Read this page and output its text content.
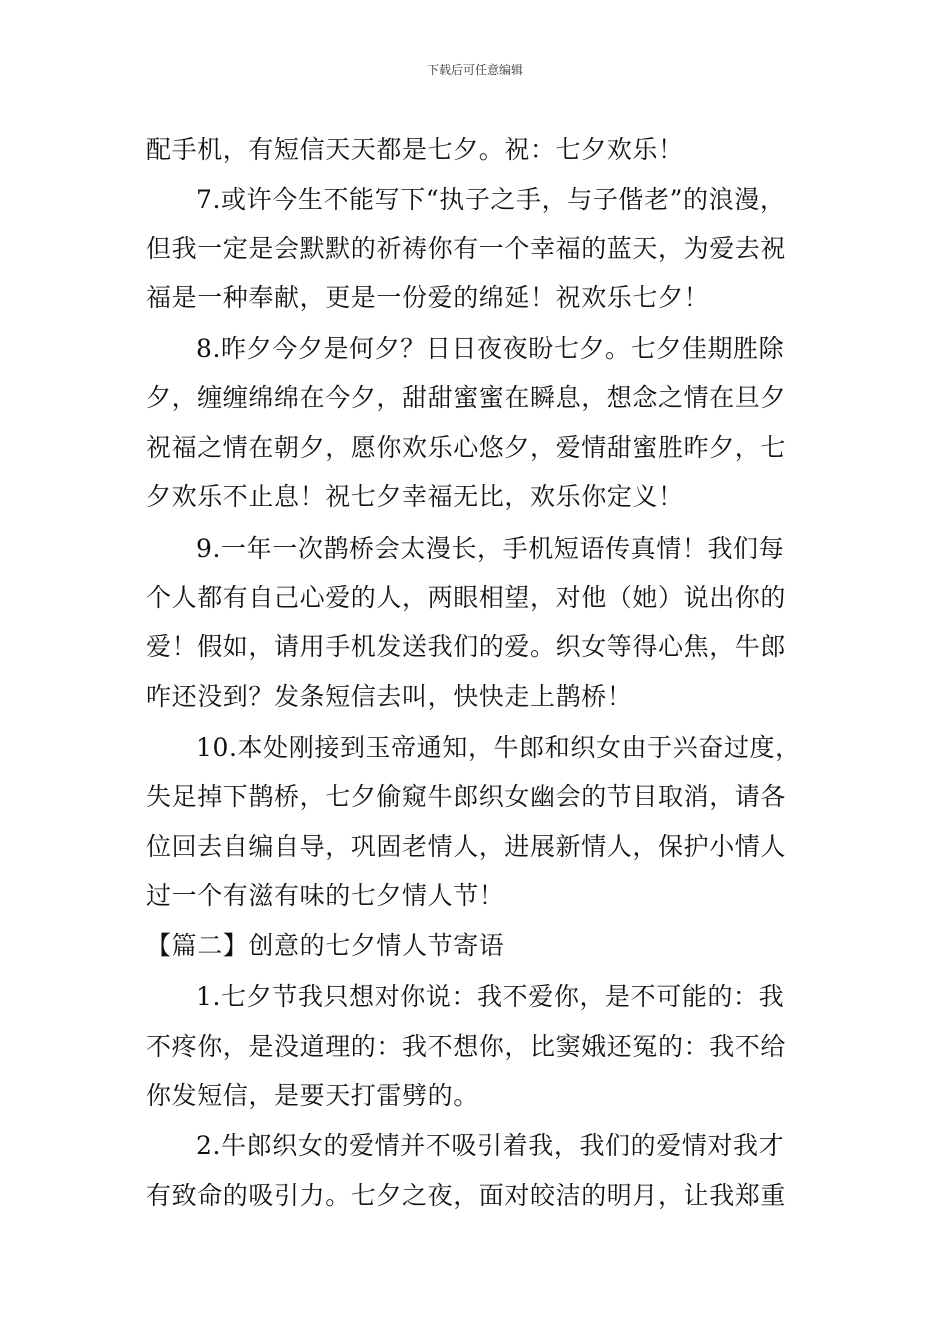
下载后可任意编辑
配手机，有短信天天都是七夕。祝：七夕欢乐！
7.或许今生不能写下“执子之手，与子偕老”的浪漫，
但我一定是会默默的祈祷你有一个幸福的蓝天，为爱去祝
福是一种奉献，更是一份爱的绵延！祝欢乐七夕！
8.昨夕今夕是何夕？日日夜夜盼七夕。七夕佳期胜除
夕，缠缠绵绵在今夕，甜甜蜜蜜在瞬息，想念之情在旦夕
祝福之情在朝夕，愿你欢乐心悠夕，爱情甜蜜胜昨夕，七
夕欢乐不止息！祝七夕幸福无比，欢乐你定义！
9.一年一次鹊桥会太漫长，手机短语传真情！我们每
个人都有自己心爱的人，两眼相望，对他（她）说出你的
爱！假如，请用手机发送我们的爱。织女等得心焦，牛郎
咋还没到？发条短信去叫，快快走上鹊桥！
10.本处刚接到玉帝通知，牛郎和织女由于兴奋过度，
失足掉下鹊桥，七夕偷窥牛郎织女幽会的节目取消，请各
位回去自编自导，巩固老情人，进展新情人，保护小情人
过一个有滋有味的七夕情人节！
【篇二】创意的七夕情人节寄语
1.七夕节我只想对你说：我不爱你，是不可能的：我
不疼你，是没道理的：我不想你，比窦娥还冤的：我不给
你发短信，是要天打雷劈的。
2.牛郎织女的爱情并不吸引着我，我们的爱情对我才
有致命的吸引力。七夕之夜，面对皎洁的明月，让我郑重
